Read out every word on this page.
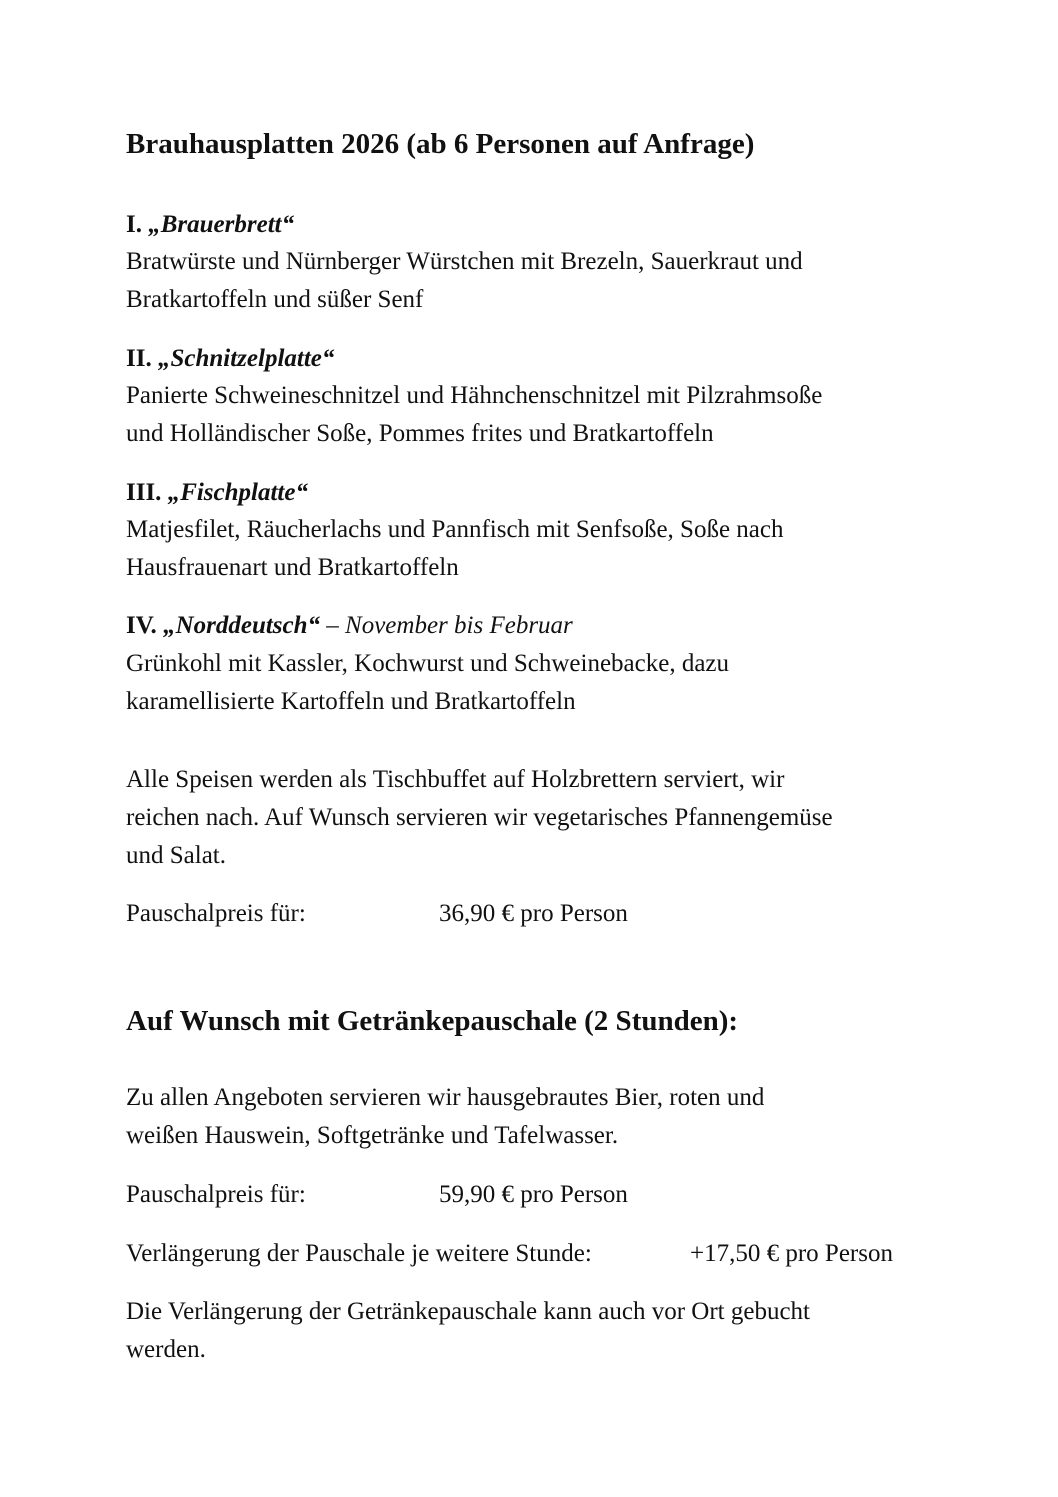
Brauhausplatten 2026 (ab 6 Personen auf Anfrage)
I. „Brauerbrett“
Bratwürste und Nürnberger Würstchen mit Brezeln, Sauerkraut und
Bratkartoffeln und süßer Senf
II. „Schnitzelplatte“
Panierte Schweineschnitzel und Hähnchenschnitzel mit Pilzrahmsoße
und Holländischer Soße, Pommes frites und Bratkartoffeln
III. „Fischplatte“
Matjesfilet, Räucherlachs und Pannfisch mit Senfsoße, Soße nach
Hausfrauenart und Bratkartoffeln
IV. „Norddeutsch“ – November bis Februar
Grünkohl mit Kassler, Kochwurst und Schweinebacke, dazu
karamellisierte Kartoffeln und Bratkartoffeln
Alle Speisen werden als Tischbuffet auf Holzbrettern serviert, wir
reichen nach. Auf Wunsch servieren wir vegetarisches Pfannengemüse
und Salat.
Pauschalpreis für:	36,90 € pro Person
Auf Wunsch mit Getränkepauschale (2 Stunden):
Zu allen Angeboten servieren wir hausgebrautes Bier, roten und
weißen Hauswein, Softgetränke und Tafelwasser.
Pauschalpreis für:	59,90 € pro Person
Verlängerung der Pauschale je weitere Stunde:	+17,50 € pro Person
Die Verlängerung der Getränkepauschale kann auch vor Ort gebucht
werden.
